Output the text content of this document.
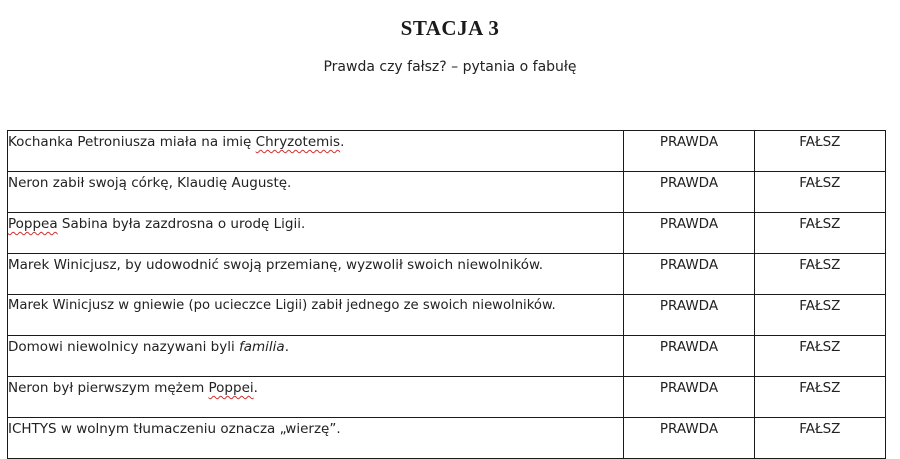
STACJA 3
Prawda czy fałsz? – pytania o fabułę
Kochanka Petroniusza miała na imię Chryzotemis.	PRAWDA	FAŁSZ
Neron zabił swoją córkę, Klaudię Augustę.	PRAWDA	FAŁSZ
Poppea Sabina była zazdrosna o urodę Ligii.	PRAWDA	FAŁSZ
Marek Winicjusz, by udowodnić swoją przemianę, wyzwolił swoich niewolników.	PRAWDA	FAŁSZ
Marek Winicjusz w gniewie (po ucieczce Ligii) zabił jednego ze swoich niewolników.	PRAWDA	FAŁSZ
Domowi niewolnicy nazywani byli familia.	PRAWDA	FAŁSZ
Neron był pierwszym mężem Poppei.	PRAWDA	FAŁSZ
ICHTYS w wolnym tłumaczeniu oznacza „wierzę”.	PRAWDA	FAŁSZ
